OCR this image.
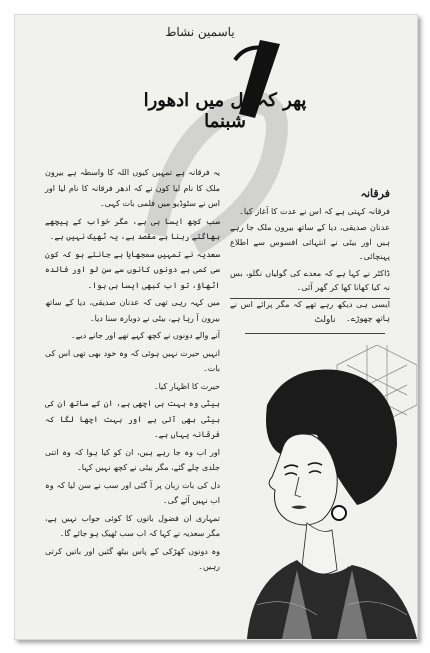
یاسمین نشاط
پھر کہ دل میں ادھورا شبنما

یہ فرقانہ ہے تمہیں کیوں اللہ کا واسطہ ہے بیرون ملک کا نام لیا کون نے کہ ادھر فرقانہ کا نام لیا اور اس نے سٹوڈیو میں فلمی بات کہی۔

سب کچھ ایسا ہی ہے، مگر خواب کے پیچھے بھاگتے رہنا بے مقصد ہے، یہ ٹھیک نہیں ہے۔

سعدیہ نے تمہیں سمجھایا ہے جانتے ہو کہ کون سی کمی ہے دونوں کانوں سے سن لو اور فائدہ اٹھاؤ، تو اب کبھی ایسا ہی ہوا۔

میں کہہ رہی تھی کہ عدنان صدیقی، دیا کے ساتھ بیرون آ رہا ہے، بیٹی نے دوبارہ سنا دیا۔

آنے والے دونوں نے کچھ کہے تھے اور جانے دیے۔

انہیں حیرت نہیں ہوئی کہ وہ خود بھی تھی اس کی بات۔

حیرت کا اظہار کیا۔

بیٹی وہ بہت ہی اچھی ہے، ان کے ساتھ ان کی بیٹی بھی آئی ہے اور بہت اچھا لگا کہ فرقانہ یہاں ہے۔

اور اب وہ جا رہے ہیں، ان کو کیا ہوا کہ وہ اتنی جلدی چلے گئے، مگر بیٹی نے کچھ نہیں کہا۔

دل کی بات زبان پر آ گئی اور سب نے سن لیا کہ وہ اب نہیں آئے گی۔

تمہاری ان فضول باتوں کا کوئی جواب نہیں ہے، مگر سعدیہ نے کہا کہ اب سب ٹھیک ہو جائے گا۔

وہ دونوں کھڑکی کے پاس بیٹھ گئیں اور باتیں کرتی رہیں۔

فرقانہ

فرقانہ کہتی ہے کہ اس نے عدت کا آغاز کیا۔

عدنان صدیقی، دیا کے ساتھ بیرون ملک جا رہے ہیں اور بیٹی نے انتہائی افسوس سے اطلاع پہنچائی۔

ڈاکٹر نے کہا ہے کہ معدے کی گولیاں نگلو، بس نہ کیا کھانا کھا کر گھر آئی۔

ایسی ہی دیکھ رہے تھے کہ مگر پرائے اس نے ہاتھ چھوڑے۔

ناولٹ
